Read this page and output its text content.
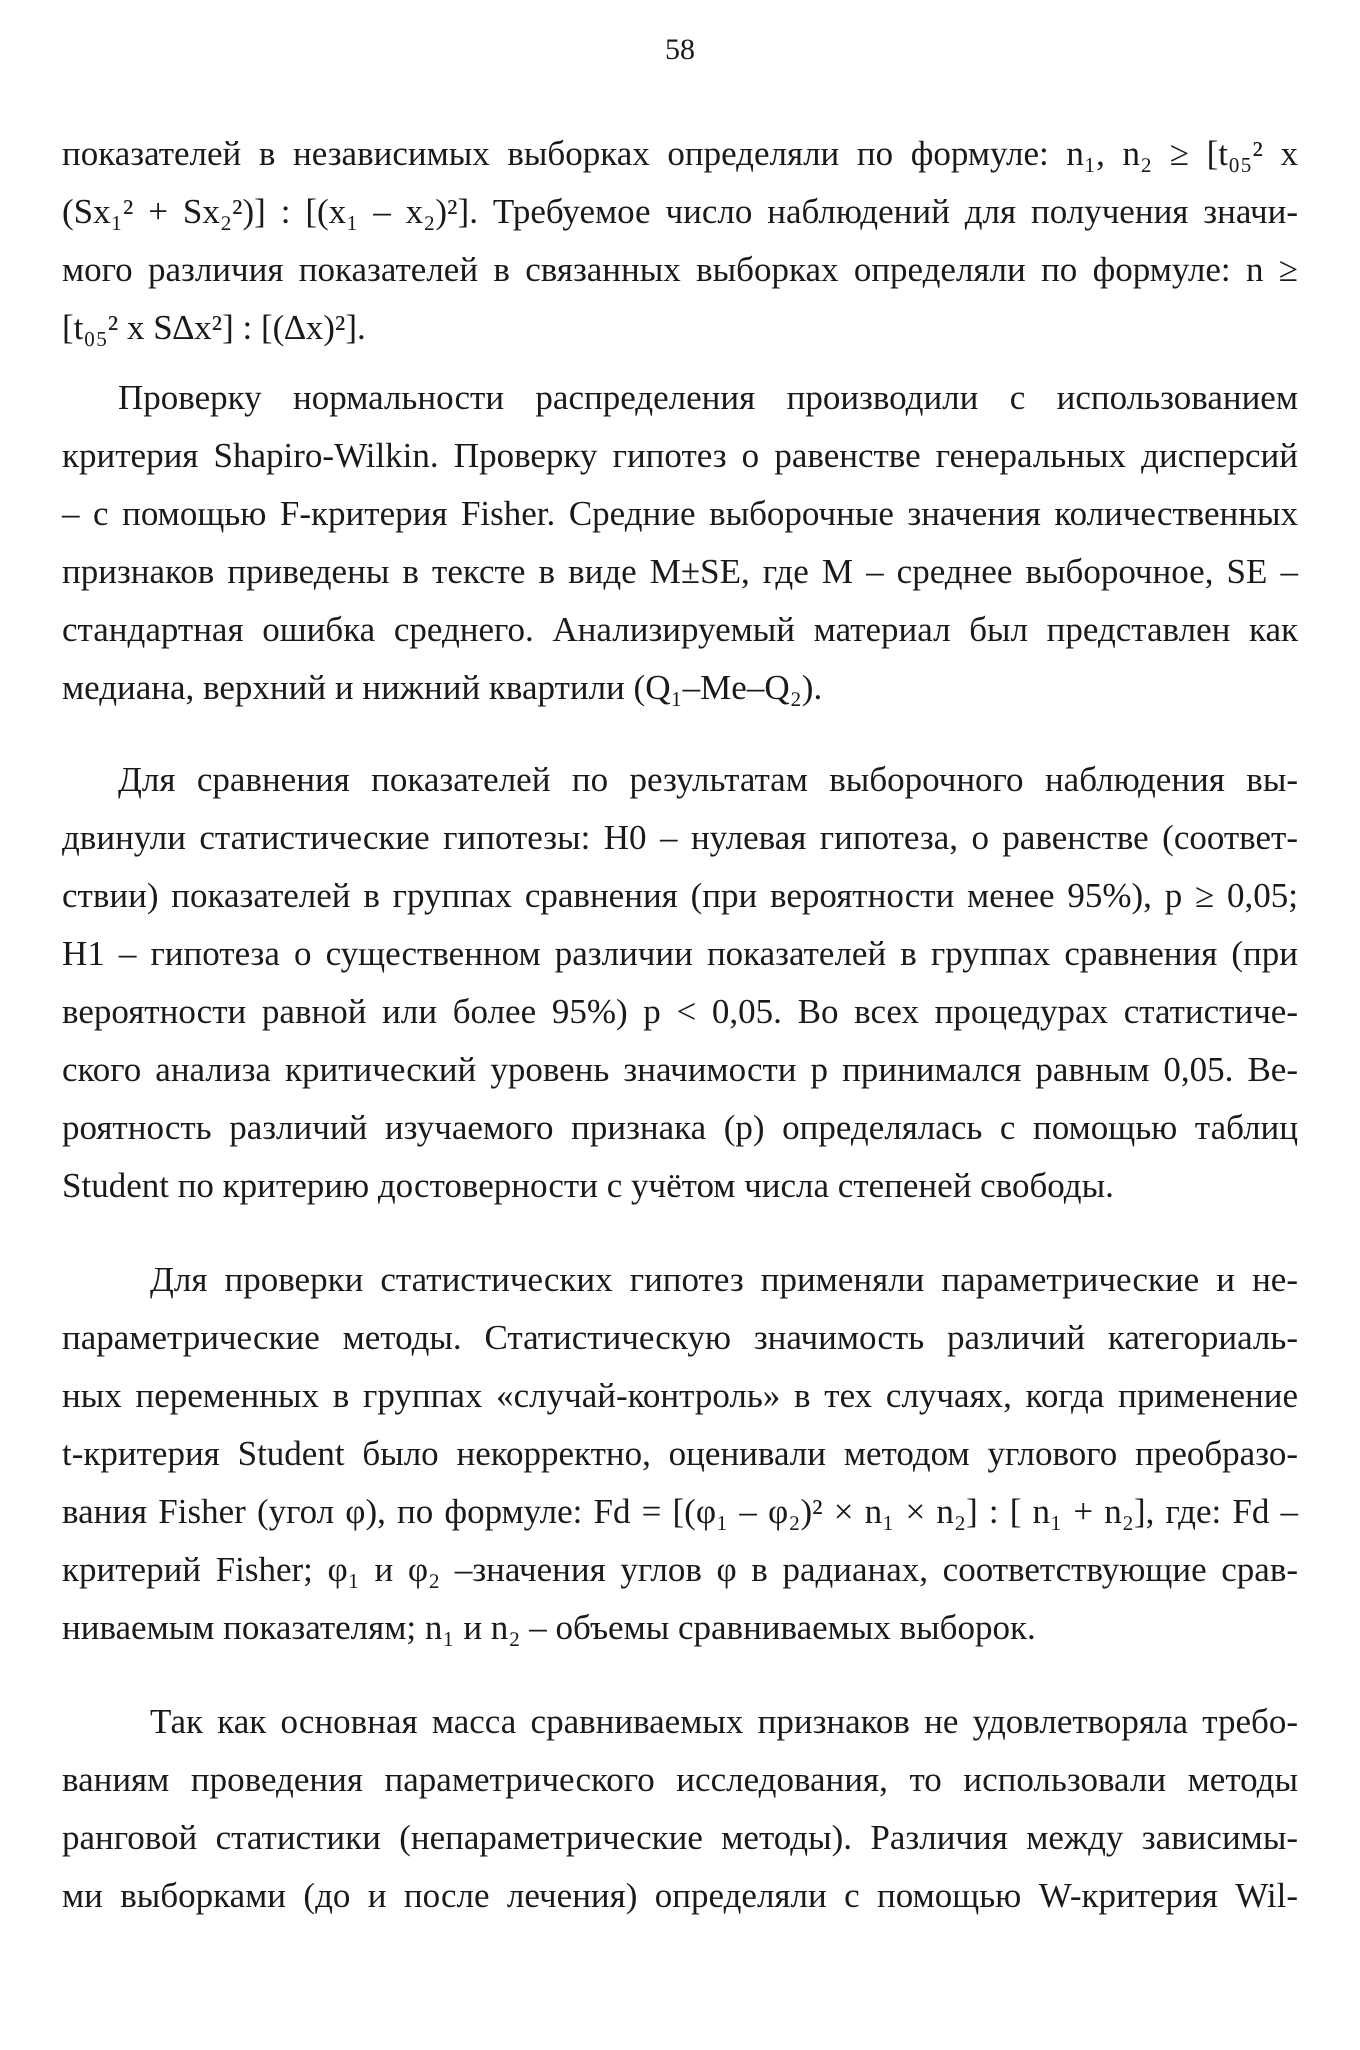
58
показателей в независимых выборках определяли по формуле: n₁, n₂ ≥ [t₀₅² x
(Sx₁² + Sx₂²)] : [(x₁ – x₂)²]. Требуемое число наблюдений для получения значи-
мого различия показателей в связанных выборках определяли по формуле: n ≥
[t₀₅² x S∆x²] : [(∆x)²].
Проверку нормальности распределения производили с использованием
критерия Shapiro-Wilkin. Проверку гипотез о равенстве генеральных дисперсий
– с помощью F-критерия Fisher. Средние выборочные значения количественных
признаков приведены в тексте в виде M±SE, где M – среднее выборочное, SE –
стандартная ошибка среднего. Анализируемый материал был представлен как
медиана, верхний и нижний квартили (Q₁–Me–Q₂).
Для сравнения показателей по результатам выборочного наблюдения вы-
двинули статистические гипотезы: H0 – нулевая гипотеза, о равенстве (соответ-
ствии) показателей в группах сравнения (при вероятности менее 95%), p ≥ 0,05;
H1 – гипотеза о существенном различии показателей в группах сравнения (при
вероятности равной или более 95%) p < 0,05. Во всех процедурах статистиче-
ского анализа критический уровень значимости p принимался равным 0,05. Ве-
роятность различий изучаемого признака (p) определялась с помощью таблиц
Student по критерию достоверности с учётом числа степеней свободы.
Для проверки статистических гипотез применяли параметрические и не-
параметрические методы. Статистическую значимость различий категориаль-
ных переменных в группах «случай-контроль» в тех случаях, когда применение
t-критерия Student было некорректно, оценивали методом углового преобразо-
вания Fisher (угол φ), по формуле: Fd = [(φ₁ – φ₂)² × n₁ × n₂] : [ n₁ + n₂], где: Fd –
критерий Fisher; φ₁ и φ₂ –значения углов φ в радианах, соответствующие срав-
ниваемым показателям; n₁ и n₂ – объемы сравниваемых выборок.
Так как основная масса сравниваемых признаков не удовлетворяла требо-
ваниям проведения параметрического исследования, то использовали методы
ранговой статистики (непараметрические методы). Различия между зависимы-
ми выборками (до и после лечения) определяли с помощью W-критерия Wil-
